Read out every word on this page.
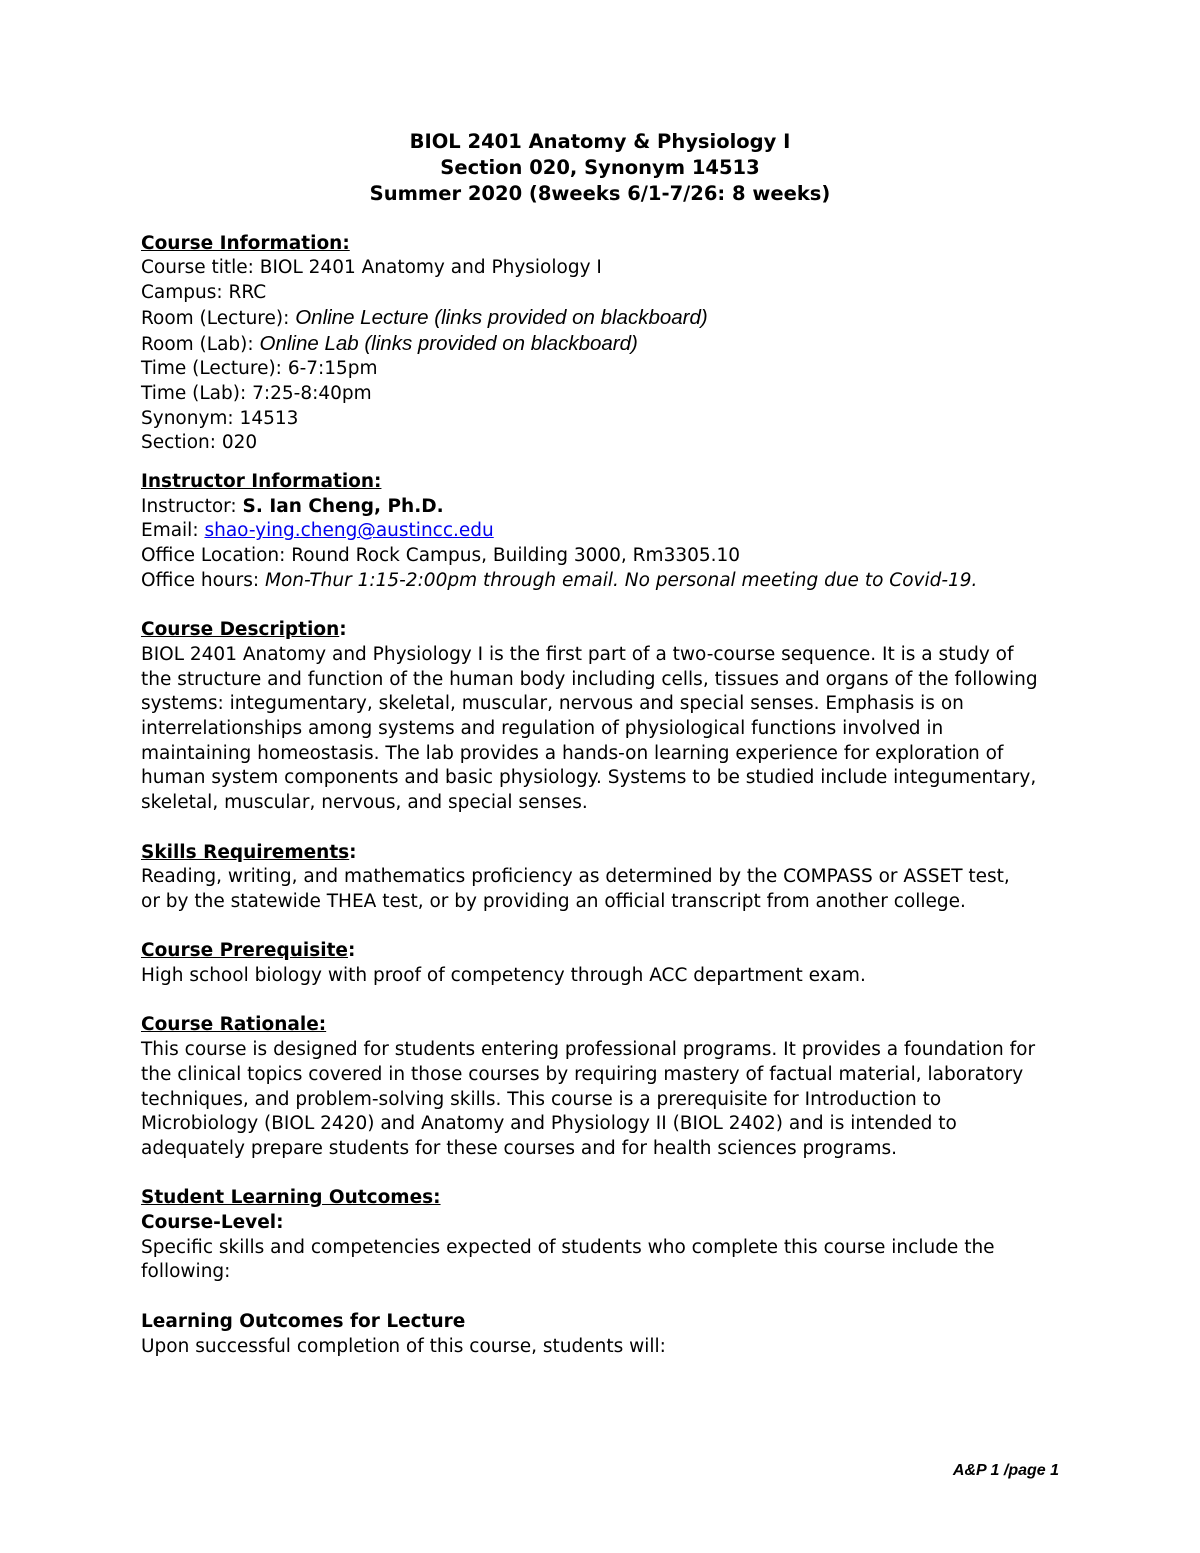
BIOL 2401 Anatomy & Physiology I
Section 020, Synonym 14513
Summer 2020 (8weeks 6/1-7/26: 8 weeks)
Course Information:
Course title: BIOL 2401 Anatomy and Physiology I
Campus: RRC
Room (Lecture): Online Lecture (links provided on blackboard)
Room (Lab): Online Lab (links provided on blackboard)
Time (Lecture): 6-7:15pm
Time (Lab): 7:25-8:40pm
Synonym: 14513
Section: 020
Instructor Information:
Instructor: S. Ian Cheng, Ph.D.
Email: shao-ying.cheng@austincc.edu
Office Location: Round Rock Campus, Building 3000, Rm3305.10
Office hours: Mon-Thur 1:15-2:00pm through email. No personal meeting due to Covid-19.
Course Description:
BIOL 2401 Anatomy and Physiology I is the first part of a two-course sequence. It is a study of
the structure and function of the human body including cells, tissues and organs of the following
systems: integumentary, skeletal, muscular, nervous and special senses. Emphasis is on
interrelationships among systems and regulation of physiological functions involved in
maintaining homeostasis. The lab provides a hands-on learning experience for exploration of
human system components and basic physiology. Systems to be studied include integumentary,
skeletal, muscular, nervous, and special senses.
Skills Requirements:
Reading, writing, and mathematics proficiency as determined by the COMPASS or ASSET test,
or by the statewide THEA test, or by providing an official transcript from another college.
Course Prerequisite:
High school biology with proof of competency through ACC department exam.
Course Rationale:
This course is designed for students entering professional programs. It provides a foundation for
the clinical topics covered in those courses by requiring mastery of factual material, laboratory
techniques, and problem-solving skills. This course is a prerequisite for Introduction to
Microbiology (BIOL 2420) and Anatomy and Physiology II (BIOL 2402) and is intended to
adequately prepare students for these courses and for health sciences programs.
Student Learning Outcomes:
Course-Level:
Specific skills and competencies expected of students who complete this course include the
following:
Learning Outcomes for Lecture
Upon successful completion of this course, students will:
A&P 1 /page 1
